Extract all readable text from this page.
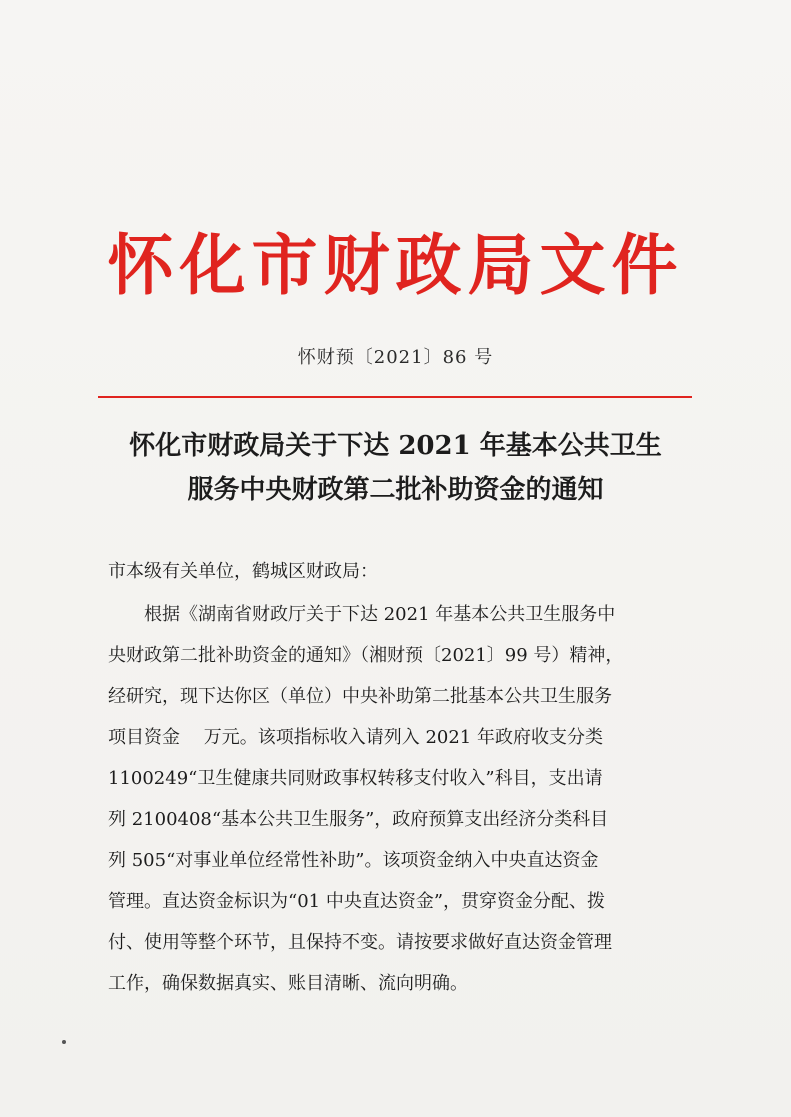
怀化市财政局文件
怀财预〔2021〕86 号
怀化市财政局关于下达 2021 年基本公共卫生
服务中央财政第二批补助资金的通知
市本级有关单位，鹤城区财政局：
根据《湖南省财政厅关于下达 2021 年基本公共卫生服务中
央财政第二批补助资金的通知》（湘财预〔2021〕99 号）精神，
经研究，现下达你区（单位）中央补助第二批基本公共卫生服务
项目资金　 万元。该项指标收入请列入 2021 年政府收支分类
1100249“卫生健康共同财政事权转移支付收入”科目，支出请
列 2100408“基本公共卫生服务”，政府预算支出经济分类科目
列 505“对事业单位经常性补助”。该项资金纳入中央直达资金
管理。直达资金标识为“01 中央直达资金”，贯穿资金分配、拨
付、使用等整个环节，且保持不变。请按要求做好直达资金管理
工作，确保数据真实、账目清晰、流向明确。
